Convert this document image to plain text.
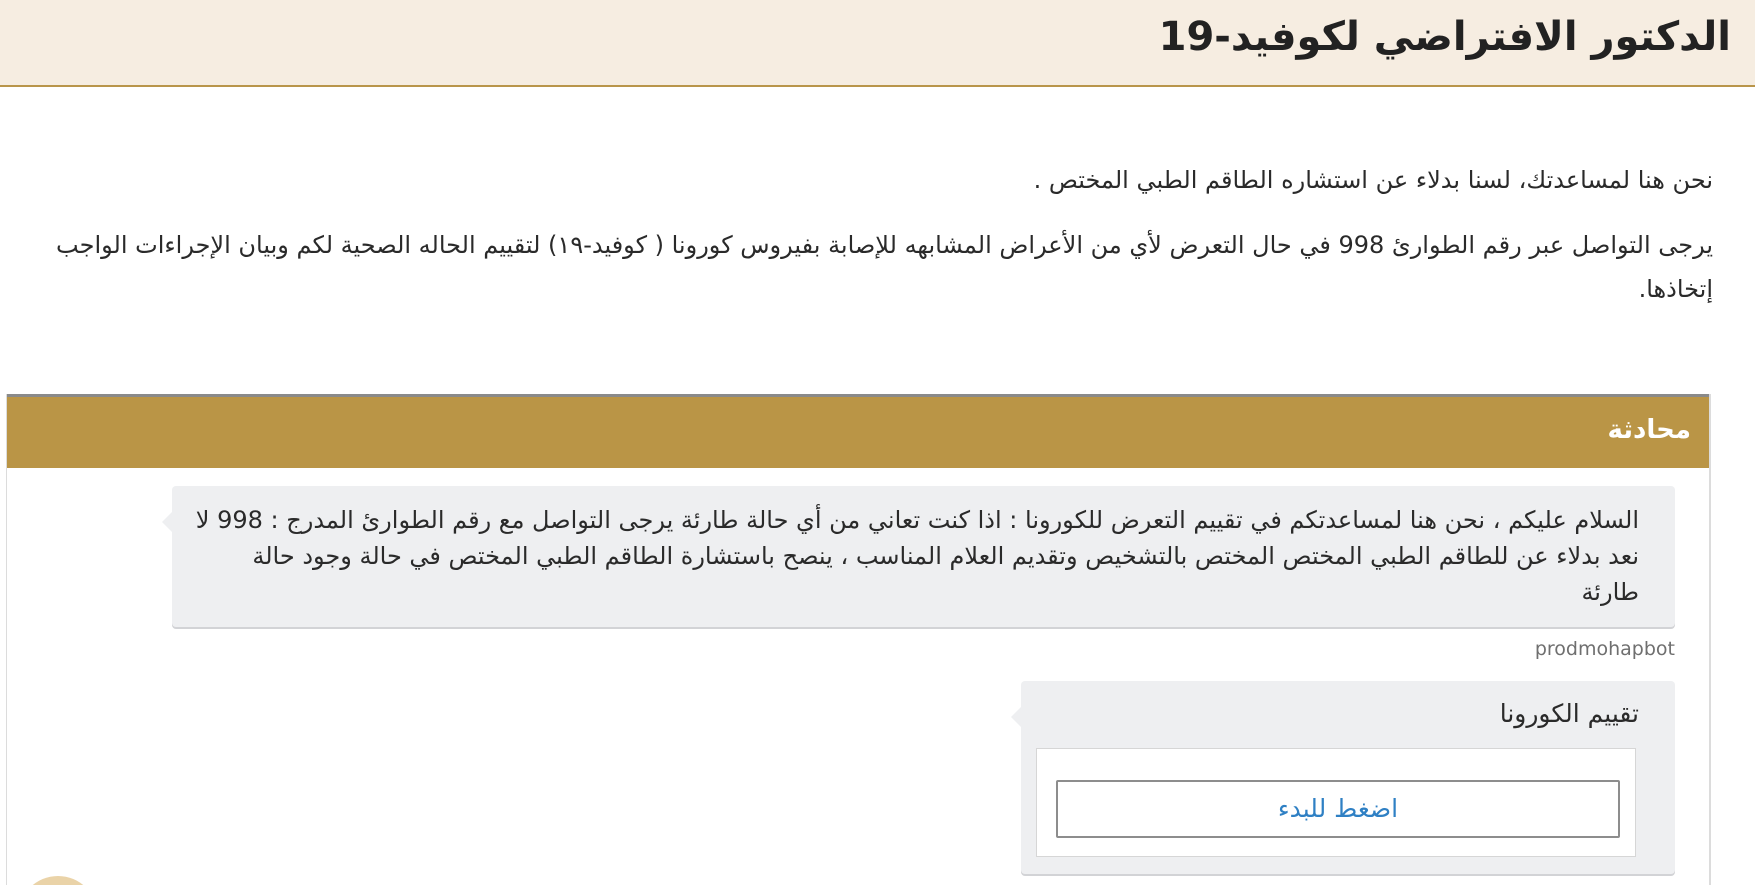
الدكتور الافتراضي لكوفيد-19

نحن هنا لمساعدتك، لسنا بدلاء عن استشاره الطاقم الطبي المختص .

يرجى التواصل عبر رقم الطوارئ 998 في حال التعرض لأي من الأعراض المشابهه للإصابة بفيروس كورونا ( كوفيد-١٩) لتقييم الحاله الصحية لكم وبيان الإجراءات الواجب إتخاذها.

محادثة
السلام عليكم ، نحن هنا لمساعدتكم في تقييم التعرض للكورونا : اذا كنت تعاني من أي حالة طارئة يرجى التواصل مع رقم الطوارئ المدرج : 998 لا نعد بدلاء عن للطاقم الطبي المختص المختص بالتشخيص وتقديم العلام المناسب ، ينصح باستشارة الطاقم الطبي المختص في حالة وجود حالة طارئة
prodmohapbot
تقييم الكورونا
اضغط للبدء
